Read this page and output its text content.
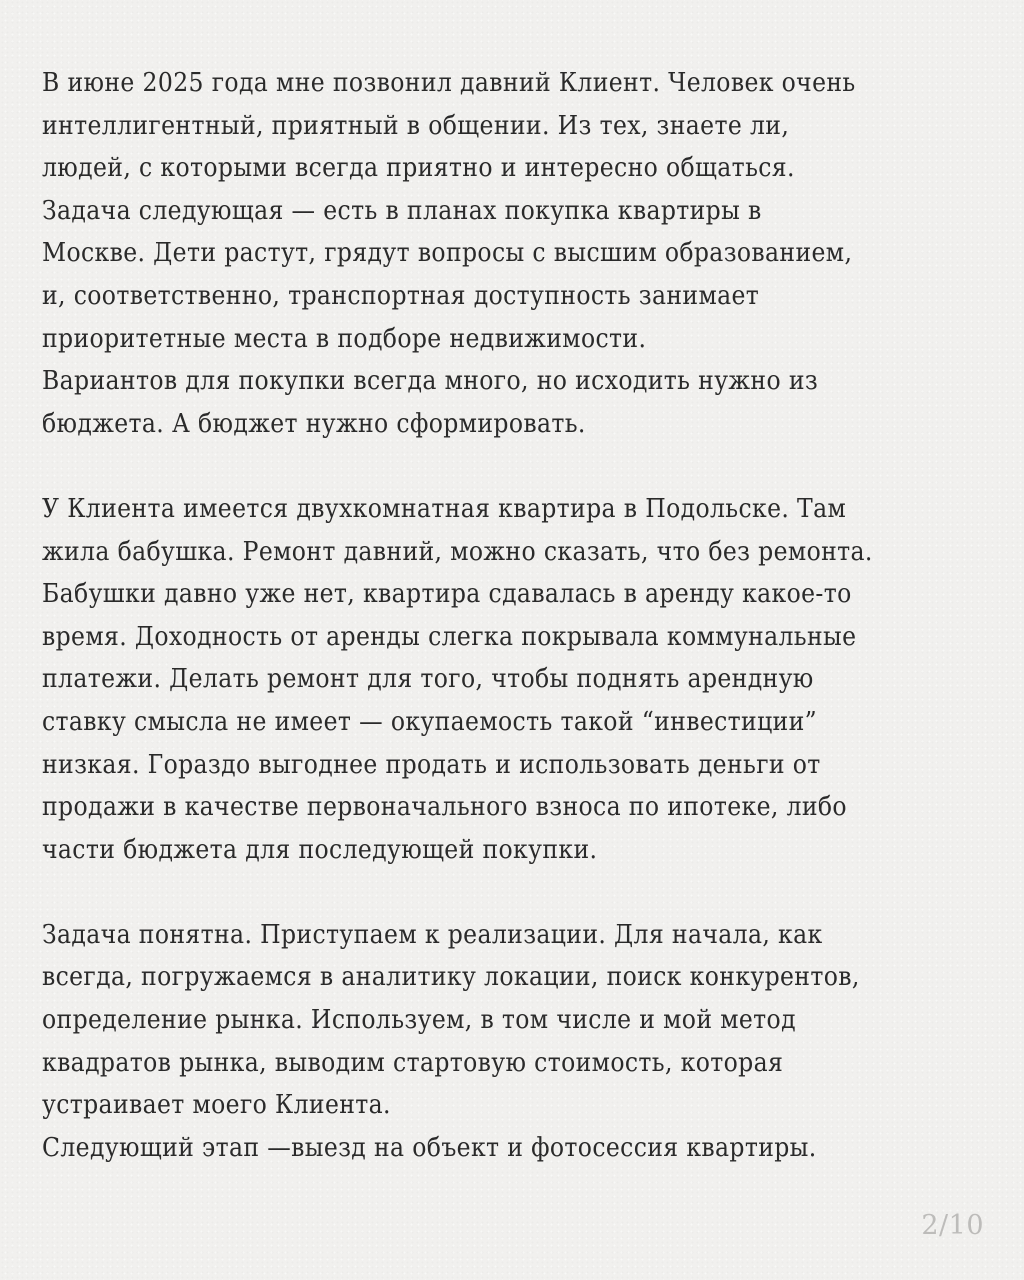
В июне 2025 года мне позвонил давний Клиент. Человек очень
интеллигентный, приятный в общении. Из тех, знаете ли,
людей, с которыми всегда приятно и интересно общаться.
Задача следующая — есть в планах покупка квартиры в
Москве. Дети растут, грядут вопросы с высшим образованием,
и, соответственно, транспортная доступность занимает
приоритетные места в подборе недвижимости.
Вариантов для покупки всегда много, но исходить нужно из
бюджета. А бюджет нужно сформировать.

У Клиента имеется двухкомнатная квартира в Подольске. Там
жила бабушка. Ремонт давний, можно сказать, что без ремонта.
Бабушки давно уже нет, квартира сдавалась в аренду какое-то
время. Доходность от аренды слегка покрывала коммунальные
платежи. Делать ремонт для того, чтобы поднять арендную
ставку смысла не имеет — окупаемость такой “инвестиции”
низкая. Гораздо выгоднее продать и использовать деньги от
продажи в качестве первоначального взноса по ипотеке, либо
части бюджета для последующей покупки.

Задача понятна. Приступаем к реализации. Для начала, как
всегда, погружаемся в аналитику локации, поиск конкурентов,
определение рынка. Используем, в том числе и мой метод
квадратов рынка, выводим стартовую стоимость, которая
устраивает моего Клиента.
Следующий этап —выезд на объект и фотосессия квартиры.

2/10
